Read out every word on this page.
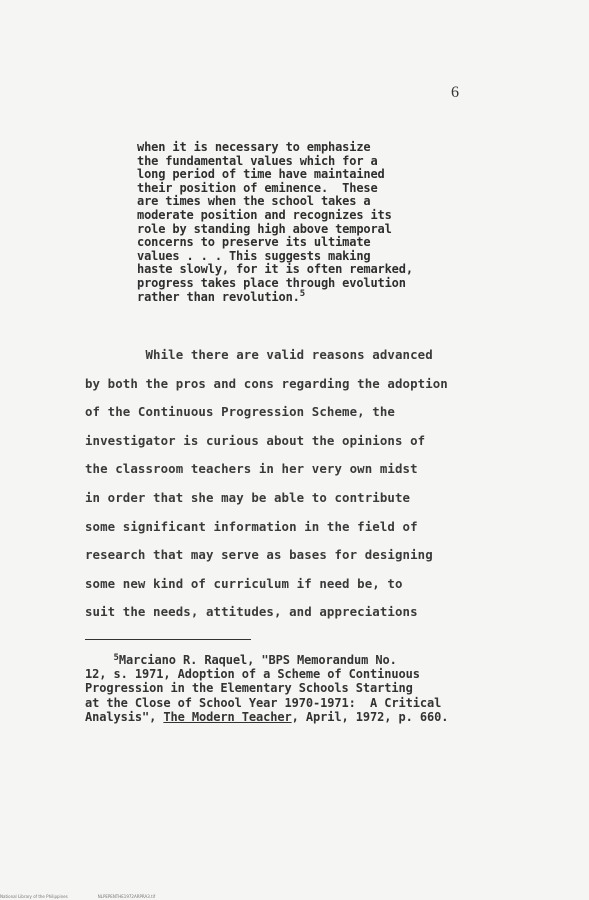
6
when it is necessary to emphasize
the fundamental values which for a
long period of time have maintained
their position of eminence.  These
are times when the school takes a
moderate position and recognizes its
role by standing high above temporal
concerns to preserve its ultimate
values . . . This suggests making
haste slowly, for it is often remarked,
progress takes place through evolution
rather than revolution.$^5$
While there are valid reasons advanced
by both the pros and cons regarding the adoption
of the Continuous Progression Scheme, the
investigator is curious about the opinions of
the classroom teachers in her very own midst
in order that she may be able to contribute
some significant information in the field of
research that may serve as bases for designing
some new kind of curriculum if need be, to
suit the needs, attitudes, and appreciations
$^5$Marciano R. Raquel, "BPS Memorandum No.
12, s. 1971, Adoption of a Scheme of Continuous
Progression in the Elementary Schools Starting
at the Close of School Year 1970-1971:  A Critical
Analysis", The Modern Teacher, April, 1972, p. 660.
National Library of the Philippines	NLPEPENTHE1972ARPRA3.tif
